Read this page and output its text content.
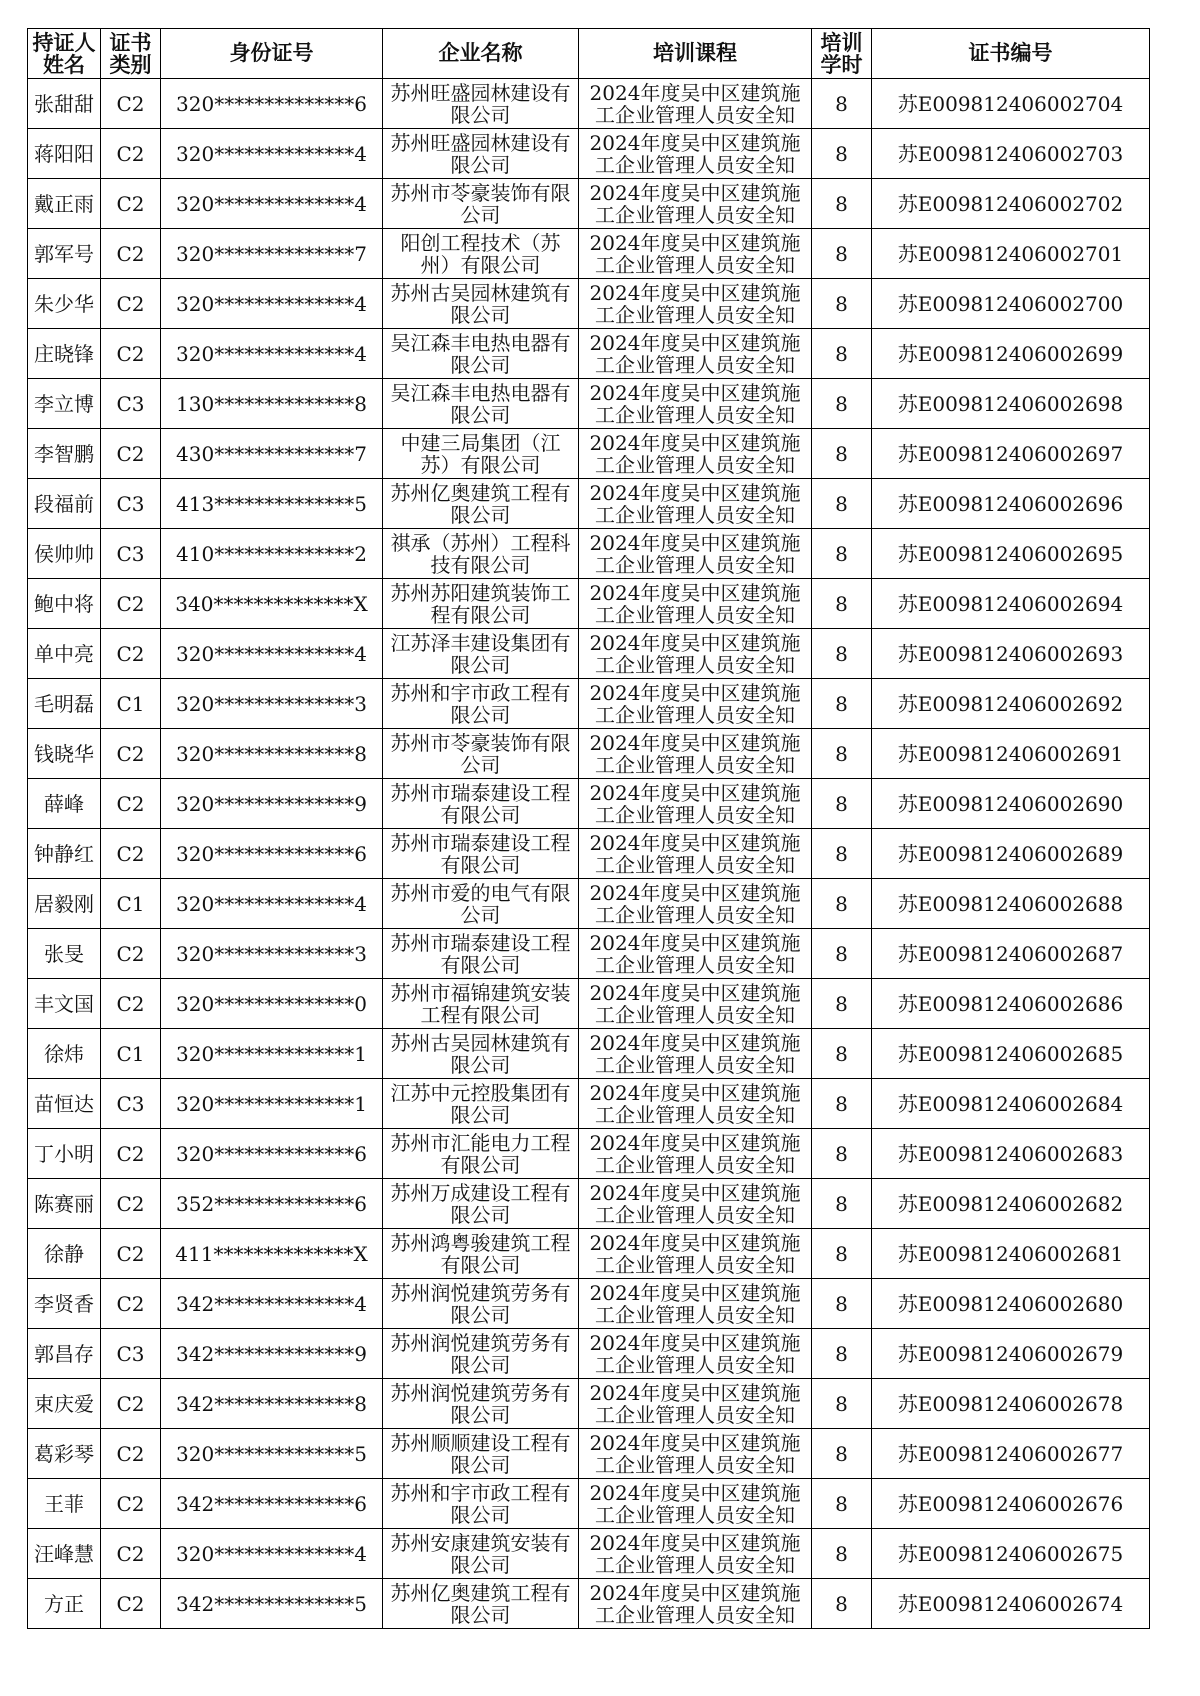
持证人姓名	证书类别	身份证号	企业名称	培训课程	培训学时	证书编号
张甜甜	C2	320**************6	苏州旺盛园林建设有限公司	2024年度吴中区建筑施工企业管理人员安全知	8	苏E009812406002704
蒋阳阳	C2	320**************4	苏州旺盛园林建设有限公司	2024年度吴中区建筑施工企业管理人员安全知	8	苏E009812406002703
戴正雨	C2	320**************4	苏州市苓豪装饰有限公司	2024年度吴中区建筑施工企业管理人员安全知	8	苏E009812406002702
郭军号	C2	320**************7	阳创工程技术（苏州）有限公司	2024年度吴中区建筑施工企业管理人员安全知	8	苏E009812406002701
朱少华	C2	320**************4	苏州古吴园林建筑有限公司	2024年度吴中区建筑施工企业管理人员安全知	8	苏E009812406002700
庄晓锋	C2	320**************4	吴江森丰电热电器有限公司	2024年度吴中区建筑施工企业管理人员安全知	8	苏E009812406002699
李立博	C3	130**************8	吴江森丰电热电器有限公司	2024年度吴中区建筑施工企业管理人员安全知	8	苏E009812406002698
李智鹏	C2	430**************7	中建三局集团（江苏）有限公司	2024年度吴中区建筑施工企业管理人员安全知	8	苏E009812406002697
段福前	C3	413**************5	苏州亿奥建筑工程有限公司	2024年度吴中区建筑施工企业管理人员安全知	8	苏E009812406002696
侯帅帅	C3	410**************2	祺承（苏州）工程科技有限公司	2024年度吴中区建筑施工企业管理人员安全知	8	苏E009812406002695
鲍中将	C2	340**************X	苏州苏阳建筑装饰工程有限公司	2024年度吴中区建筑施工企业管理人员安全知	8	苏E009812406002694
单中亮	C2	320**************4	江苏泽丰建设集团有限公司	2024年度吴中区建筑施工企业管理人员安全知	8	苏E009812406002693
毛明磊	C1	320**************3	苏州和宇市政工程有限公司	2024年度吴中区建筑施工企业管理人员安全知	8	苏E009812406002692
钱晓华	C2	320**************8	苏州市苓豪装饰有限公司	2024年度吴中区建筑施工企业管理人员安全知	8	苏E009812406002691
薛峰	C2	320**************9	苏州市瑞泰建设工程有限公司	2024年度吴中区建筑施工企业管理人员安全知	8	苏E009812406002690
钟静红	C2	320**************6	苏州市瑞泰建设工程有限公司	2024年度吴中区建筑施工企业管理人员安全知	8	苏E009812406002689
居毅刚	C1	320**************4	苏州市爱的电气有限公司	2024年度吴中区建筑施工企业管理人员安全知	8	苏E009812406002688
张旻	C2	320**************3	苏州市瑞泰建设工程有限公司	2024年度吴中区建筑施工企业管理人员安全知	8	苏E009812406002687
丰文国	C2	320**************0	苏州市福锦建筑安装工程有限公司	2024年度吴中区建筑施工企业管理人员安全知	8	苏E009812406002686
徐炜	C1	320**************1	苏州古吴园林建筑有限公司	2024年度吴中区建筑施工企业管理人员安全知	8	苏E009812406002685
苗恒达	C3	320**************1	江苏中元控股集团有限公司	2024年度吴中区建筑施工企业管理人员安全知	8	苏E009812406002684
丁小明	C2	320**************6	苏州市汇能电力工程有限公司	2024年度吴中区建筑施工企业管理人员安全知	8	苏E009812406002683
陈赛丽	C2	352**************6	苏州万成建设工程有限公司	2024年度吴中区建筑施工企业管理人员安全知	8	苏E009812406002682
徐静	C2	411**************X	苏州鸿粤骏建筑工程有限公司	2024年度吴中区建筑施工企业管理人员安全知	8	苏E009812406002681
李贤香	C2	342**************4	苏州润悦建筑劳务有限公司	2024年度吴中区建筑施工企业管理人员安全知	8	苏E009812406002680
郭昌存	C3	342**************9	苏州润悦建筑劳务有限公司	2024年度吴中区建筑施工企业管理人员安全知	8	苏E009812406002679
束庆爱	C2	342**************8	苏州润悦建筑劳务有限公司	2024年度吴中区建筑施工企业管理人员安全知	8	苏E009812406002678
葛彩琴	C2	320**************5	苏州顺顺建设工程有限公司	2024年度吴中区建筑施工企业管理人员安全知	8	苏E009812406002677
王菲	C2	342**************6	苏州和宇市政工程有限公司	2024年度吴中区建筑施工企业管理人员安全知	8	苏E009812406002676
汪峰慧	C2	320**************4	苏州安康建筑安装有限公司	2024年度吴中区建筑施工企业管理人员安全知	8	苏E009812406002675
方正	C2	342**************5	苏州亿奥建筑工程有限公司	2024年度吴中区建筑施工企业管理人员安全知	8	苏E009812406002674
